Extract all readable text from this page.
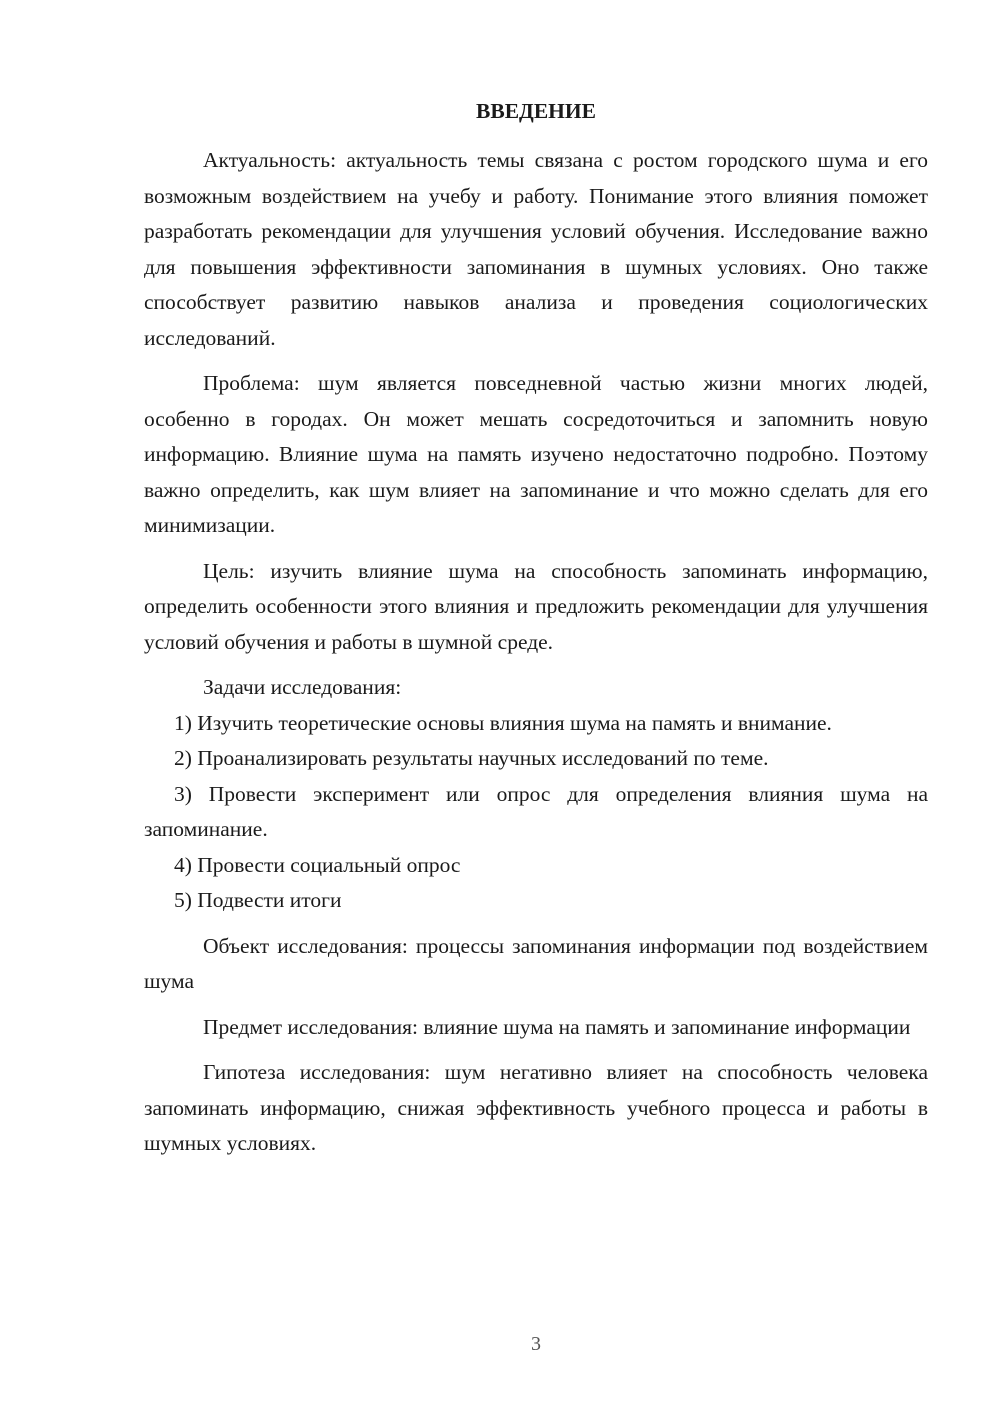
ВВЕДЕНИЕ

Актуальность: актуальность темы связана с ростом городского шума и его возможным воздействием на учебу и работу. Понимание этого влияния поможет разработать рекомендации для улучшения условий обучения. Исследование важно для повышения эффективности запоминания в шумных условиях. Оно также способствует развитию навыков анализа и проведения социологических исследований.

Проблема: шум является повседневной частью жизни многих людей, особенно в городах. Он может мешать сосредоточиться и запомнить новую информацию. Влияние шума на память изучено недостаточно подробно. Поэтому важно определить, как шум влияет на запоминание и что можно сделать для его минимизации.

Цель: изучить влияние шума на способность запоминать информацию, определить особенности этого влияния и предложить рекомендации для улучшения условий обучения и работы в шумной среде.

Задачи исследования:

1) Изучить теоретические основы влияния шума на память и внимание.

2) Проанализировать результаты научных исследований по теме.

3) Провести эксперимент или опрос для определения влияния шума на запоминание.

4) Провести социальный опрос

5) Подвести итоги

Объект исследования: процессы запоминания информации под воздействием шума

Предмет исследования: влияние шума на память и запоминание информации

Гипотеза исследования: шум негативно влияет на способность человека запоминать информацию, снижая эффективность учебного процесса и работы в шумных условиях.

3
